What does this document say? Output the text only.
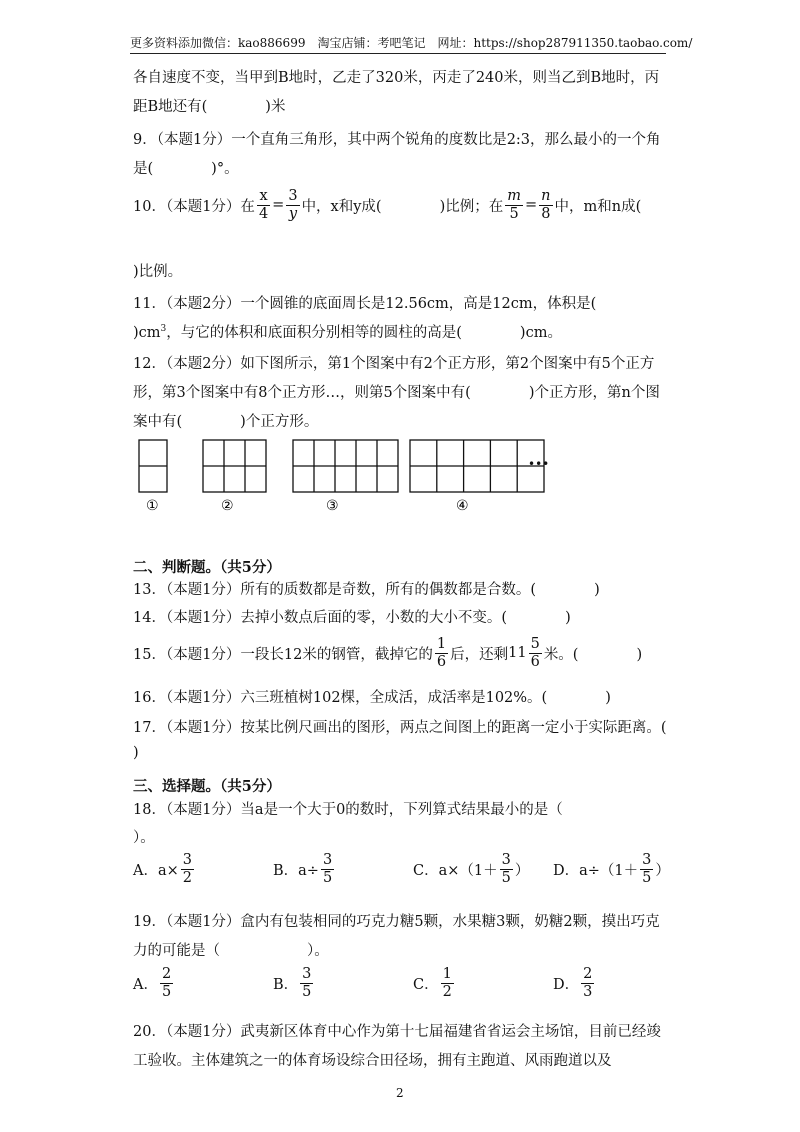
更多资料添加微信：kao886699　淘宝店铺：考吧笔记　网址：https://shop287911350.taobao.com/
各自速度不变，当甲到B地时，乙走了320米，丙走了240米，则当乙到B地时，丙
距B地还有(　　　　)米
9．（本题1分）一个直角三角形，其中两个锐角的度数比是2:3，那么最小的一个角
是(　　　　)°。
10．（本题1分）在 $\frac{x}{4} = \frac{3}{y}$ 中，x和y成(　　　　)比例；在 $\frac{m}{5} = \frac{n}{8}$ 中，m和n成(
)比例。
11．（本题2分）一个圆锥的底面周长是12.56cm，高是12cm，体积是(
)$cm^3$，与它的体积和底面积分别相等的圆柱的高是(　　　　)cm。
12．（本题2分）如下图所示，第1个图案中有2个正方形，第2个图案中有5个正方
形，第3个图案中有8个正方形…，则第5个图案中有(　　　　)个正方形，第n个图
案中有(　　　　)个正方形。
①	②	③	④
•••
二、判断题。（共5分）
13．（本题1分）所有的质数都是奇数，所有的偶数都是合数。(　　　　)
14．（本题1分）去掉小数点后面的零，小数的大小不变。(　　　　)
15．（本题1分）一段长12米的钢管，截掉它的 $\frac{1}{6}$ 后，还剩 $11 \frac{5}{6}$ 米。(　　　　)
16．（本题1分）六三班植树102棵，全成活，成活率是102%。(　　　　)
17．（本题1分）按某比例尺画出的图形，两点之间图上的距离一定小于实际距离。(
)
三、选择题。（共5分）
18．（本题1分）当a是一个大于0的数时，下列算式结果最小的是（
）。
A．$a\times \frac{3}{2}$	B．$a\div \frac{3}{5}$	C．$a\times(1+ \frac{3}{5}$ ） D．$a\div(1+ \frac{3}{5}$ ）
19．（本题1分）盒内有包装相同的巧克力糖5颗，水果糖3颗，奶糖2颗，摸出巧克
力的可能是（　　　　　　）。
A． $\frac{2}{5}$	B． $\frac{3}{5}$	C． $\frac{1}{2}$	D． $\frac{2}{3}$
20．（本题1分）武夷新区体育中心作为第十七届福建省省运会主场馆，目前已经竣
工验收。主体建筑之一的体育场设综合田径场，拥有主跑道、风雨跑道以及
2
